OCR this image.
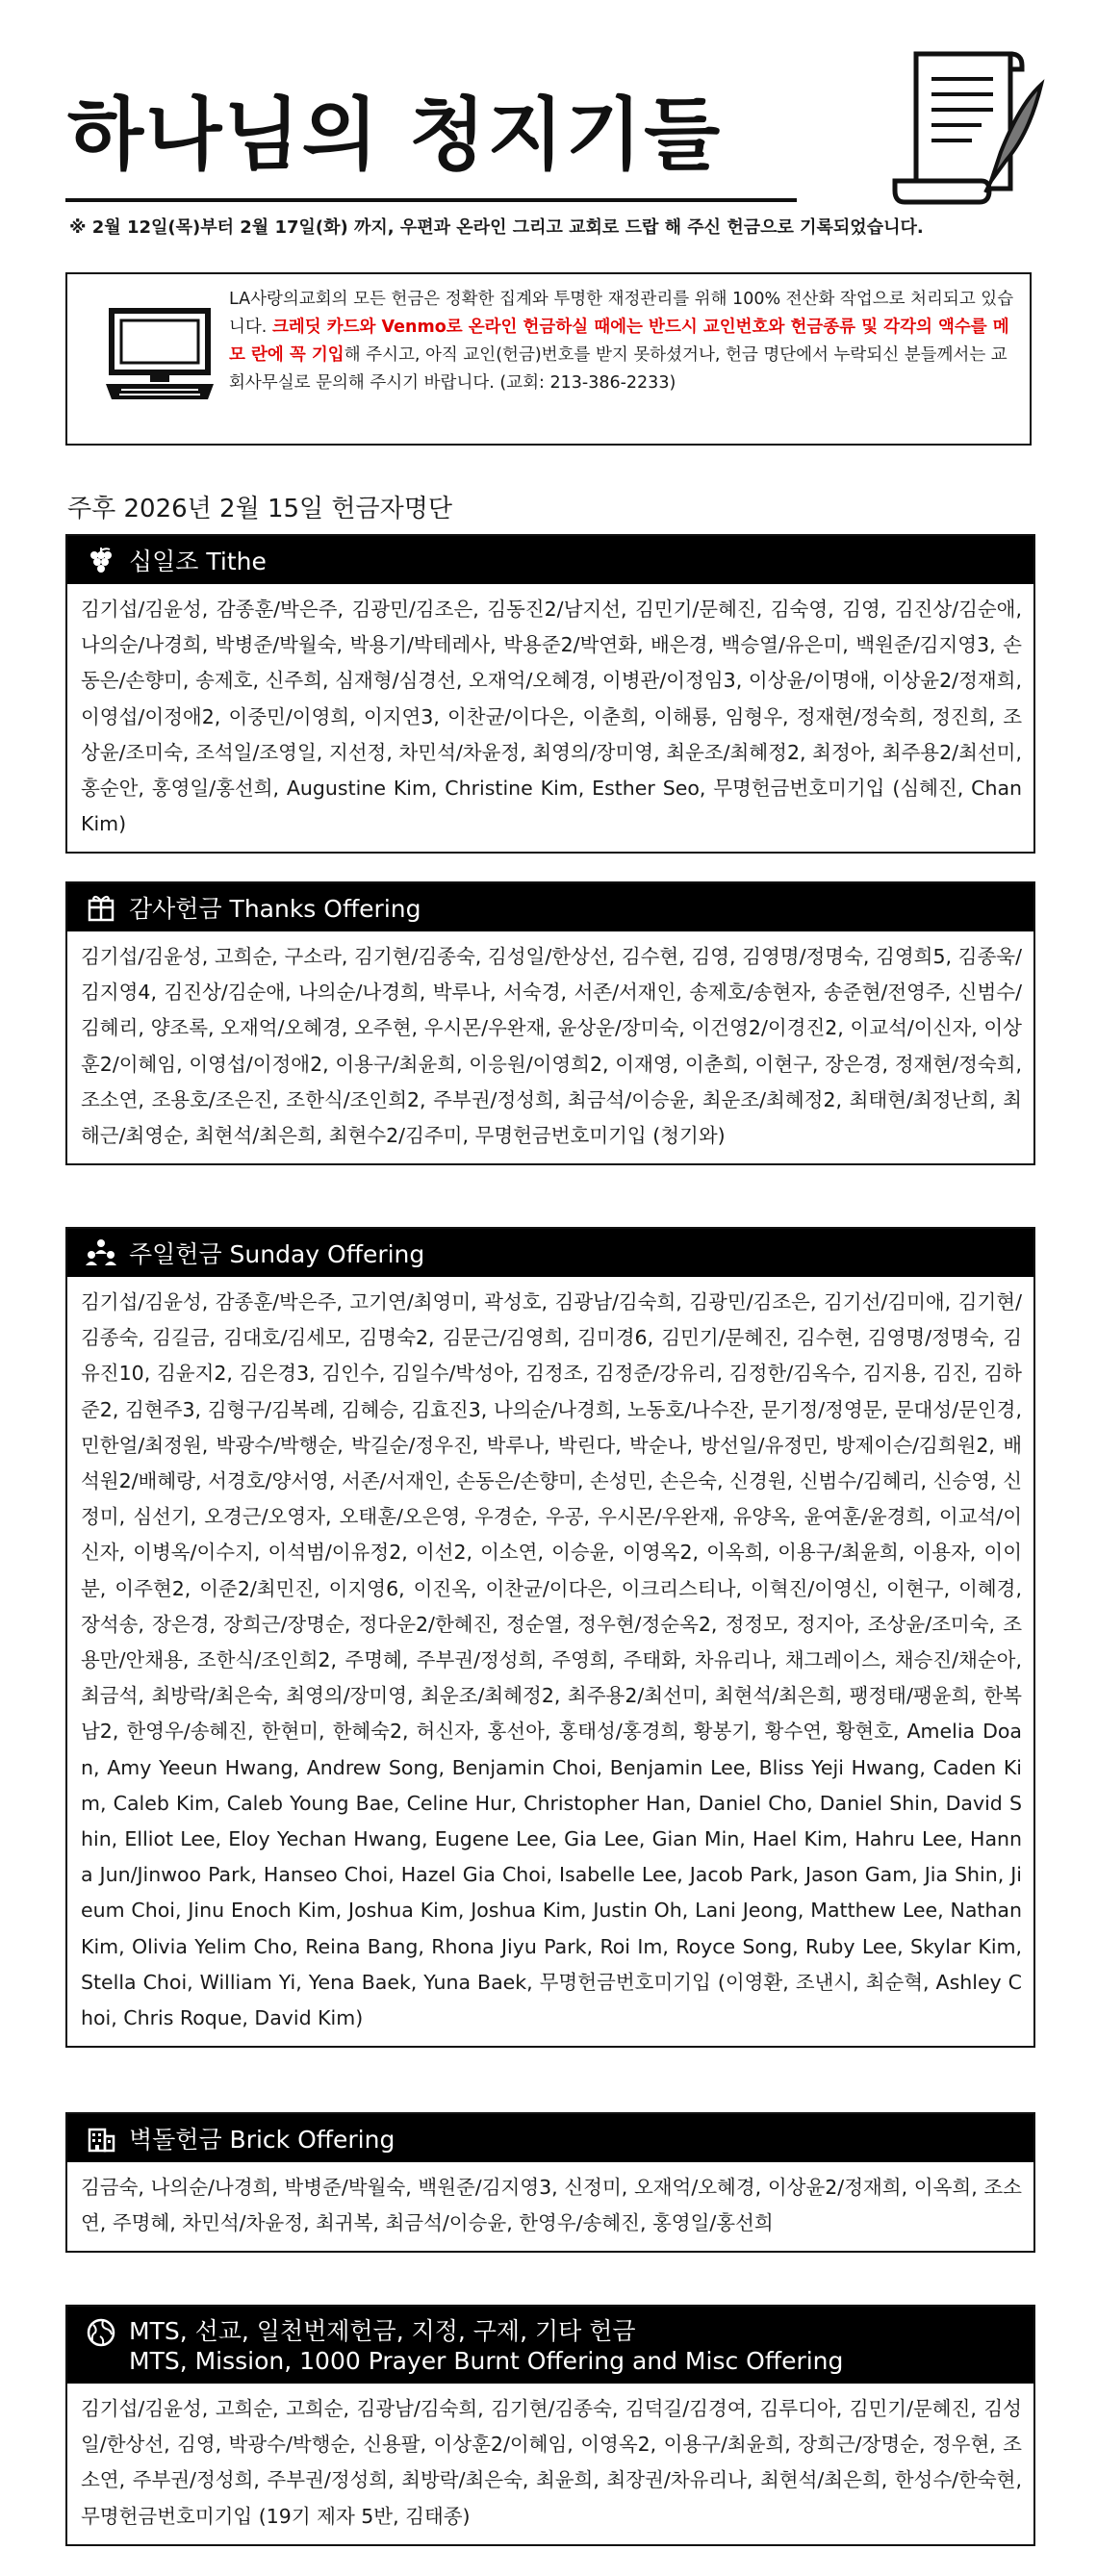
하나님의 청지기들
※ 2월 12일(목)부터 2월 17일(화) 까지, 우편과 온라인 그리고 교회로 드랍 해 주신 헌금으로 기록되었습니다.
LA사랑의교회의 모든 헌금은 정확한 집계와 투명한 재정관리를 위해 100% 전산화 작업으로 처리되고 있습니다. 크레딧 카드와 Venmo로 온라인 헌금하실 때에는 반드시 교인번호와 헌금종류 및 각각의 액수를 메모 란에 꼭 기입해 주시고, 아직 교인(헌금)번호를 받지 못하셨거나, 헌금 명단에서 누락되신 분들께서는 교회사무실로 문의해 주시기 바랍니다. (교회: 213-386-2233)
주후 2026년 2월 15일 헌금자명단
십일조 Tithe
김기섭/김윤성, 감종훈/박은주, 김광민/김조은, 김동진2/남지선, 김민기/문혜진, 김숙영, 김영, 김진상/김순애, 나의순/나경희, 박병준/박월숙, 박용기/박테레사, 박용준2/박연화, 배은경, 백승열/유은미, 백원준/김지영3, 손동은/손향미, 송제호, 신주희, 심재형/심경선, 오재억/오혜경, 이병관/이정임3, 이상윤/이명애, 이상윤2/정재희, 이영섭/이정애2, 이중민/이영희, 이지연3, 이찬균/이다은, 이춘희, 이해룡, 임형우, 정재현/정숙희, 정진희, 조상윤/조미숙, 조석일/조영일, 지선정, 차민석/차윤정, 최영의/장미영, 최운조/최혜정2, 최정아, 최주용2/최선미, 홍순안, 홍영일/홍선희, Augustine Kim, Christine Kim, Esther Seo, 무명헌금번호미기입 (심혜진, Chan Kim)
감사헌금 Thanks Offering
김기섭/김윤성, 고희순, 구소라, 김기현/김종숙, 김성일/한상선, 김수현, 김영, 김영명/정명숙, 김영희5, 김종욱/김지영4, 김진상/김순애, 나의순/나경희, 박루나, 서숙경, 서존/서재인, 송제호/송현자, 송준현/전영주, 신범수/김혜리, 양조록, 오재억/오혜경, 오주현, 우시몬/우완재, 윤상운/장미숙, 이건영2/이경진2, 이교석/이신자, 이상훈2/이혜임, 이영섭/이정애2, 이용구/최윤희, 이응원/이영희2, 이재영, 이춘희, 이현구, 장은경, 정재현/정숙희, 조소연, 조용호/조은진, 조한식/조인희2, 주부권/정성희, 최금석/이승윤, 최운조/최혜정2, 최태현/최정난희, 최해근/최영순, 최현석/최은희, 최현수2/김주미, 무명헌금번호미기입 (청기와)
주일헌금 Sunday Offering
김기섭/김윤성, 감종훈/박은주, 고기연/최영미, 곽성호, 김광남/김숙희, 김광민/김조은, 김기선/김미애, 김기현/김종숙, 김길금, 김대호/김세모, 김명숙2, 김문근/김영희, 김미경6, 김민기/문혜진, 김수현, 김영명/정명숙, 김유진10, 김윤지2, 김은경3, 김인수, 김일수/박성아, 김정조, 김정준/강유리, 김정한/김옥수, 김지용, 김진, 김하준2, 김현주3, 김형구/김복례, 김혜승, 김효진3, 나의순/나경희, 노동호/나수잔, 문기정/정영문, 문대성/문인경, 민한얼/최정원, 박광수/박행순, 박길순/정우진, 박루나, 박린다, 박순나, 방선일/유정민, 방제이슨/김희원2, 배석원2/배혜랑, 서경호/양서영, 서존/서재인, 손동은/손향미, 손성민, 손은숙, 신경원, 신범수/김혜리, 신승영, 신정미, 심선기, 오경근/오영자, 오태훈/오은영, 우경순, 우공, 우시몬/우완재, 유양옥, 윤여훈/윤경희, 이교석/이신자, 이병옥/이수지, 이석범/이유정2, 이선2, 이소연, 이승윤, 이영옥2, 이옥희, 이용구/최윤희, 이용자, 이이분, 이주현2, 이준2/최민진, 이지영6, 이진옥, 이찬균/이다은, 이크리스티나, 이혁진/이영신, 이현구, 이혜경, 장석송, 장은경, 장희근/장명순, 정다운2/한혜진, 정순열, 정우현/정순옥2, 정정모, 정지아, 조상윤/조미숙, 조용만/안채용, 조한식/조인희2, 주명혜, 주부권/정성희, 주영희, 주태화, 차유리나, 채그레이스, 채승진/채순아, 최금석, 최방락/최은숙, 최영의/장미영, 최운조/최혜정2, 최주용2/최선미, 최현석/최은희, 팽정태/팽윤희, 한복남2, 한영우/송혜진, 한현미, 한혜숙2, 허신자, 홍선아, 홍태성/홍경희, 황봉기, 황수연, 황현호, Amelia Doan, Amy Yeeun Hwang, Andrew Song, Benjamin Choi, Benjamin Lee, Bliss Yeji Hwang, Caden Kim, Caleb Kim, Caleb Young Bae, Celine Hur, Christopher Han, Daniel Cho, Daniel Shin, David Shin, Elliot Lee, Eloy Yechan Hwang, Eugene Lee, Gia Lee, Gian Min, Hael Kim, Hahru Lee, Hanna Jun/Jinwoo Park, Hanseo Choi, Hazel Gia Choi, Isabelle Lee, Jacob Park, Jason Gam, Jia Shin, Jieum Choi, Jinu Enoch Kim, Joshua Kim, Joshua Kim, Justin Oh, Lani Jeong, Matthew Lee, Nathan Kim, Olivia Yelim Cho, Reina Bang, Rhona Jiyu Park, Roi Im, Royce Song, Ruby Lee, Skylar Kim, Stella Choi, William Yi, Yena Baek, Yuna Baek, 무명헌금번호미기입 (이영환, 조낸시, 최순혁, Ashley Choi, Chris Roque, David Kim)
벽돌헌금 Brick Offering
김금숙, 나의순/나경희, 박병준/박월숙, 백원준/김지영3, 신정미, 오재억/오혜경, 이상윤2/정재희, 이옥희, 조소연, 주명혜, 차민석/차윤정, 최귀복, 최금석/이승윤, 한영우/송혜진, 홍영일/홍선희
MTS, 선교, 일천번제헌금, 지정, 구제, 기타 헌금
MTS, Mission, 1000 Prayer Burnt Offering and Misc Offering
김기섭/김윤성, 고희순, 고희순, 김광남/김숙희, 김기현/김종숙, 김덕길/김경여, 김루디아, 김민기/문혜진, 김성일/한상선, 김영, 박광수/박행순, 신용팔, 이상훈2/이혜임, 이영옥2, 이용구/최윤희, 장희근/장명순, 정우현, 조소연, 주부권/정성희, 주부권/정성희, 최방락/최은숙, 최윤희, 최장권/차유리나, 최현석/최은희, 한성수/한숙현, 무명헌금번호미기입 (19기 제자 5반, 김태종)
